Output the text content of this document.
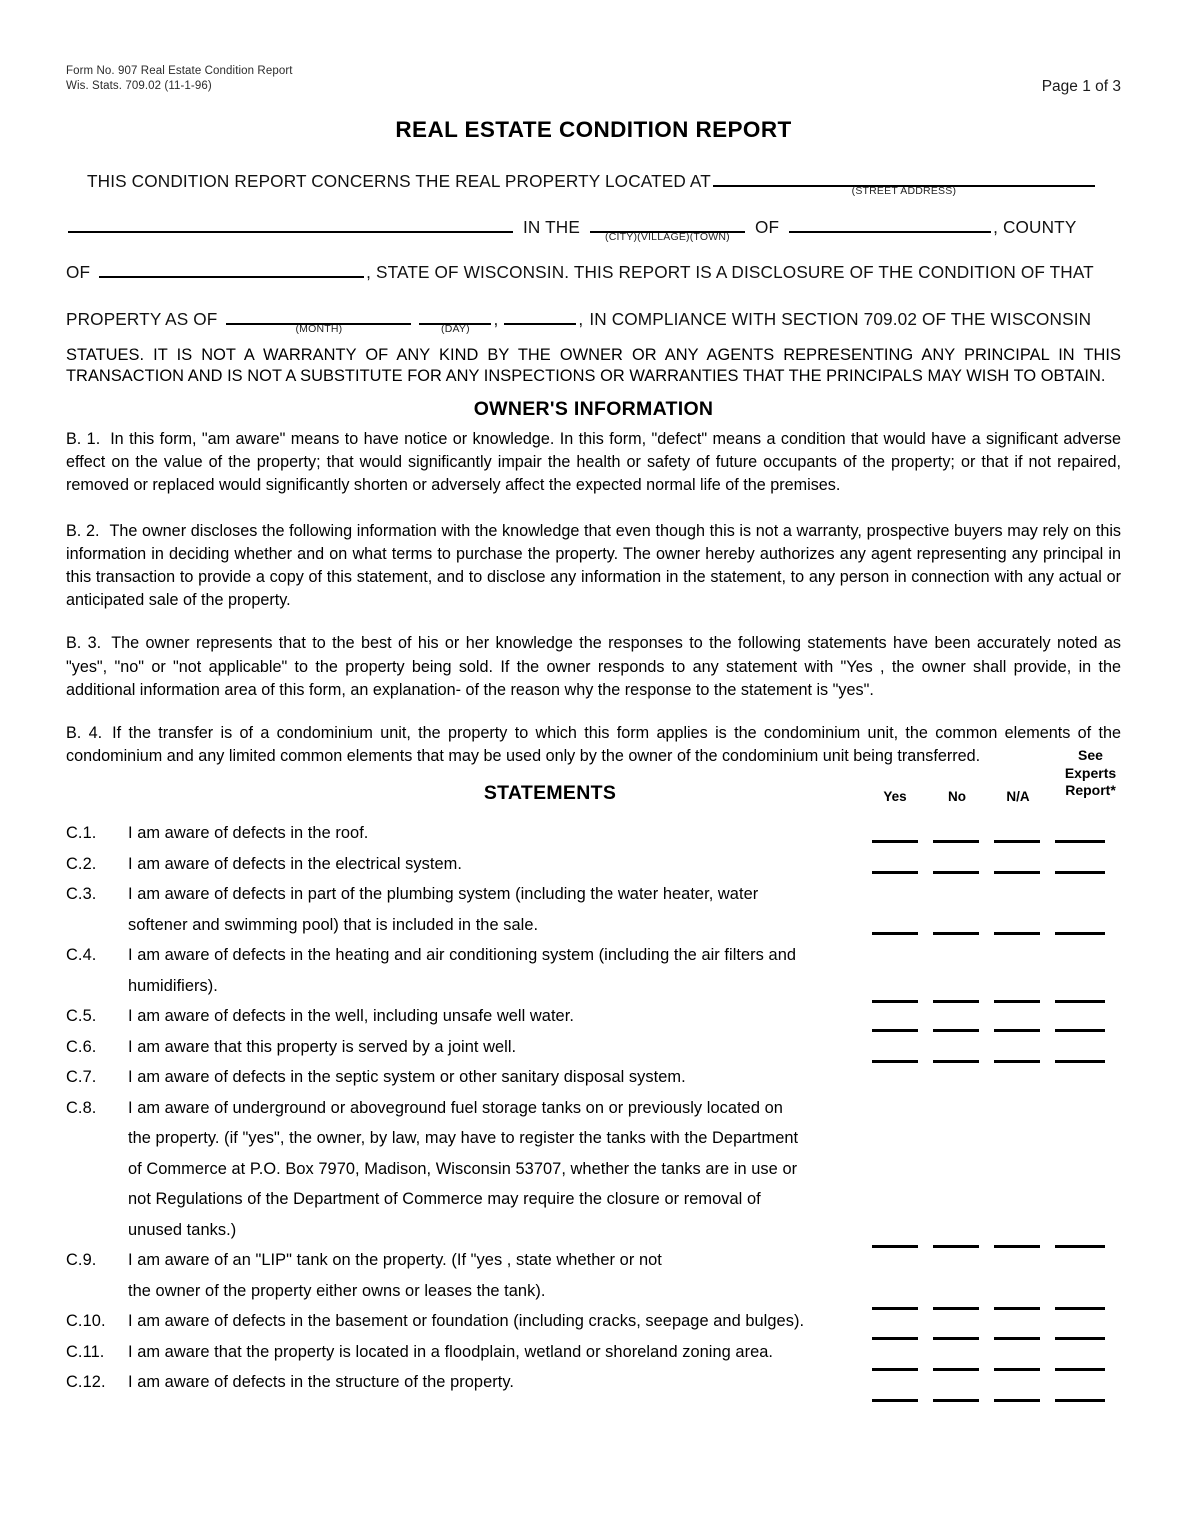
Form No. 907 Real Estate Condition Report
Wis. Stats. 709.02 (11-1-96)	Page 1 of 3
REAL ESTATE CONDITION REPORT
THIS CONDITION REPORT CONCERNS THE REAL PROPERTY LOCATED AT	(STREET ADDRESS)
IN THE	(CITY)(VILLAGE)(TOWN)	OF	, COUNTY
OF	, STATE OF WISCONSIN. THIS REPORT IS A DISCLOSURE OF THE CONDITION OF THAT
PROPERTY AS OF	(MONTH)	(DAY)	,	, IN COMPLIANCE WITH SECTION 709.02 OF THE WISCONSIN
STATUES. IT IS NOT A WARRANTY OF ANY KIND BY THE OWNER OR ANY AGENTS REPRESENTING ANY PRINCIPAL IN THIS TRANSACTION AND IS NOT A SUBSTITUTE FOR ANY INSPECTIONS OR WARRANTIES THAT THE PRINCIPALS MAY WISH TO OBTAIN.
OWNER'S INFORMATION
B. 1. In this form, "am aware" means to have notice or knowledge. In this form, "defect" means a condition that would have a significant adverse effect on the value of the property; that would significantly impair the health or safety of future occupants of the property; or that if not repaired, removed or replaced would significantly shorten or adversely affect the expected normal life of the premises.
B. 2. The owner discloses the following information with the knowledge that even though this is not a warranty, prospective buyers may rely on this information in deciding whether and on what terms to purchase the property. The owner hereby authorizes any agent representing any principal in this transaction to provide a copy of this statement, and to disclose any information in the statement, to any person in connection with any actual or anticipated sale of the property.
B. 3. The owner represents that to the best of his or her knowledge the responses to the following statements have been accurately noted as "yes", "no" or "not applicable" to the property being sold. If the owner responds to any statement with "Yes , the owner shall provide, in the additional information area of this form, an explanation- of the reason why the response to the statement is "yes".
B. 4. If the transfer is of a condominium unit, the property to which this form applies is the condominium unit, the common elements of the condominium and any limited common elements that may be used only by the owner of the condominium unit being transferred.
STATEMENTS
See
Experts
Report*
Yes	No	N/A
C.1.	I am aware of defects in the roof.
C.2.	I am aware of defects in the electrical system.
C.3.	I am aware of defects in part of the plumbing system (including the water heater, water
softener and swimming pool) that is included in the sale.
C.4.	I am aware of defects in the heating and air conditioning system (including the air filters and
humidifiers).
C.5.	I am aware of defects in the well, including unsafe well water.
C.6.	I am aware that this property is served by a joint well.
C.7.	I am aware of defects in the septic system or other sanitary disposal system.
C.8.	I am aware of underground or aboveground fuel storage tanks on or previously located on
the property. (if "yes", the owner, by law, may have to register the tanks with the Department
of Commerce at P.O. Box 7970, Madison, Wisconsin 53707, whether the tanks are in use or
not Regulations of the Department of Commerce may require the closure or removal of
unused tanks.)
C.9.	I am aware of an "LIP" tank on the property. (If "yes , state whether or not
the owner of the property either owns or leases the tank).
C.10.	I am aware of defects in the basement or foundation (including cracks, seepage and bulges).
C.11.	I am aware that the property is located in a floodplain, wetland or shoreland zoning area.
C.12.	I am aware of defects in the structure of the property.
